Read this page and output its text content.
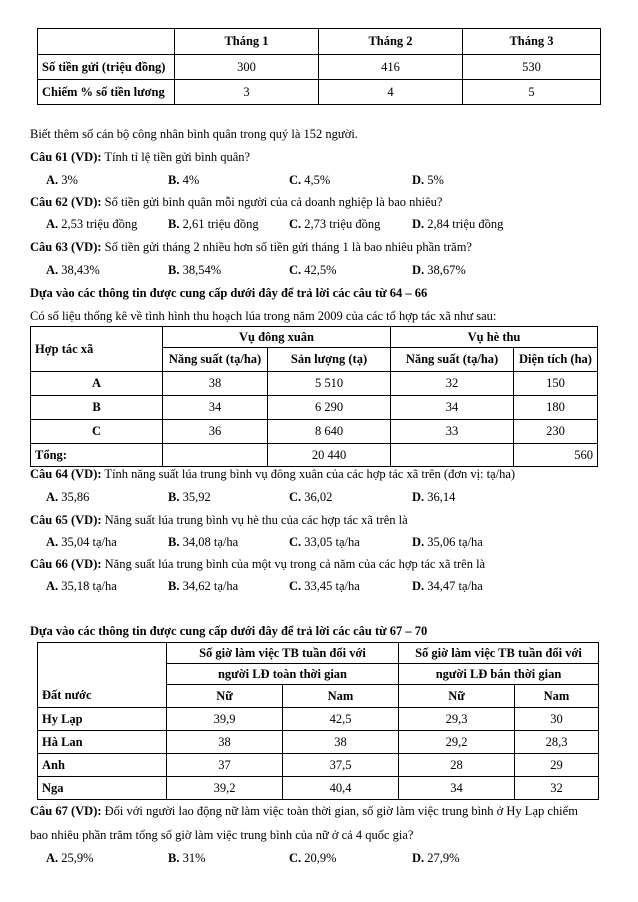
	Tháng 1	Tháng 2	Tháng 3
Số tiền gửi (triệu đồng)	300	416	530
Chiếm % số tiền lương	3	4	5
Biết thêm số cán bộ công nhân bình quân trong quý là 152 người.
Câu 61 (VD): Tính tỉ lệ tiền gửi bình quân?
A. 3%	B. 4%	C. 4,5%	D. 5%
Câu 62 (VD): Số tiền gửi bình quân mỗi người của cả doanh nghiệp là bao nhiêu?
A. 2,53 triệu đồng B. 2,61 triệu đồng C. 2,73 triệu đồng	D. 2,84 triệu đồng
Câu 63 (VD): Số tiền gửi tháng 2 nhiều hơn số tiền gửi tháng 1 là bao nhiêu phần trăm?
A. 38,43%	B. 38,54%	C. 42,5%	D. 38,67%
Dựa vào các thông tin được cung cấp dưới đây để trả lời các câu từ 64 – 66
Có số liệu thống kê về tình hình thu hoạch lúa trong năm 2009 của các tổ hợp tác xã như sau:
Hợp tác xã	Vụ đông xuân		Vụ hè thu	
	Năng suất (tạ/ha)	Sản lượng (tạ)	Năng suất (tạ/ha)	Diện tích (ha)
A	38	5 510	32	150
B	34	6 290	34	180
C	36	8 640	33	230
Tổng:		20 440		560
Câu 64 (VD): Tính năng suất lúa trung bình vụ đông xuân của các hợp tác xã trên (đơn vị: tạ/ha)
A. 35,86	B. 35,92	C. 36,02	D. 36,14
Câu 65 (VD): Năng suất lúa trung bình vụ hè thu của các hợp tác xã trên là
A. 35,04 tạ/ha	B. 34,08 tạ/ha	C. 33,05 tạ/ha	D. 35,06 tạ/ha
Câu 66 (VD): Năng suất lúa trung bình của một vụ trong cả năm của các hợp tác xã trên là
A. 35,18 tạ/ha	B. 34,62 tạ/ha	C. 33,45 tạ/ha	D. 34,47 tạ/ha
Dựa vào các thông tin được cung cấp dưới đây để trả lời các câu từ 67 – 70
	Số giờ làm việc TB tuần đối với		Số giờ làm việc TB tuần đối với	
	người LĐ toàn thời gian		người LĐ bán thời gian	
Đất nước	Nữ	Nam	Nữ	Nam
Hy Lạp	39,9	42,5	29,3	30
Hà Lan	38	38	29,2	28,3
Anh	37	37,5	28	29
Nga	39,2	40,4	34	32
Câu 67 (VD): Đối với người lao động nữ làm việc toàn thời gian, số giờ làm việc trung bình ở Hy Lạp chiếm
bao nhiêu phần trăm tổng số giờ làm việc trung bình của nữ ở cả 4 quốc gia?
A. 25,9%	B. 31%	C. 20,9%	D. 27,9%
